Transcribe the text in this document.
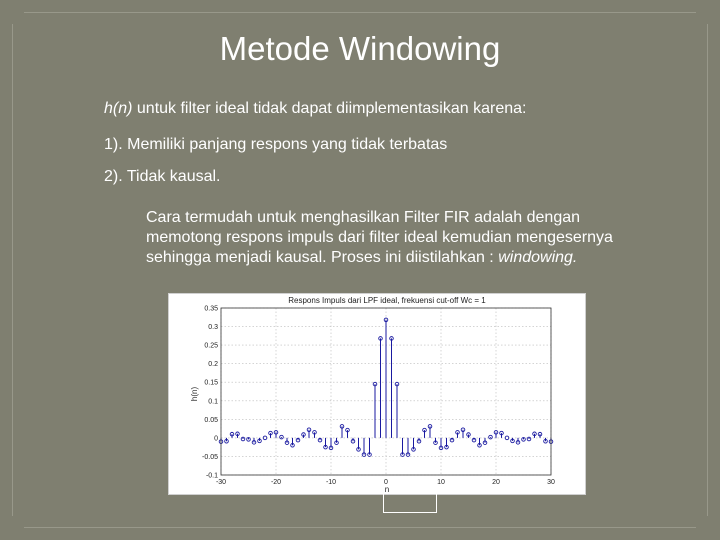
Metode Windowing
h(n) untuk filter ideal tidak dapat diimplementasikan karena:
1). Memiliki panjang respons yang tidak terbatas
2). Tidak kausal.
Cara termudah untuk menghasilkan Filter FIR adalah dengan memotong respons impuls dari filter ideal kemudian mengesernya sehingga menjadi kausal. Proses ini diistilahkan : windowing.
Respons Impuls dari LPF ideal, frekuensi cut-off Wc = 1
h(n)
n
-30	-20	-10	0	10	20	30
-0.1
-0.05
0
0.05
0.1
0.15
0.2
0.25
0.3
0.35
